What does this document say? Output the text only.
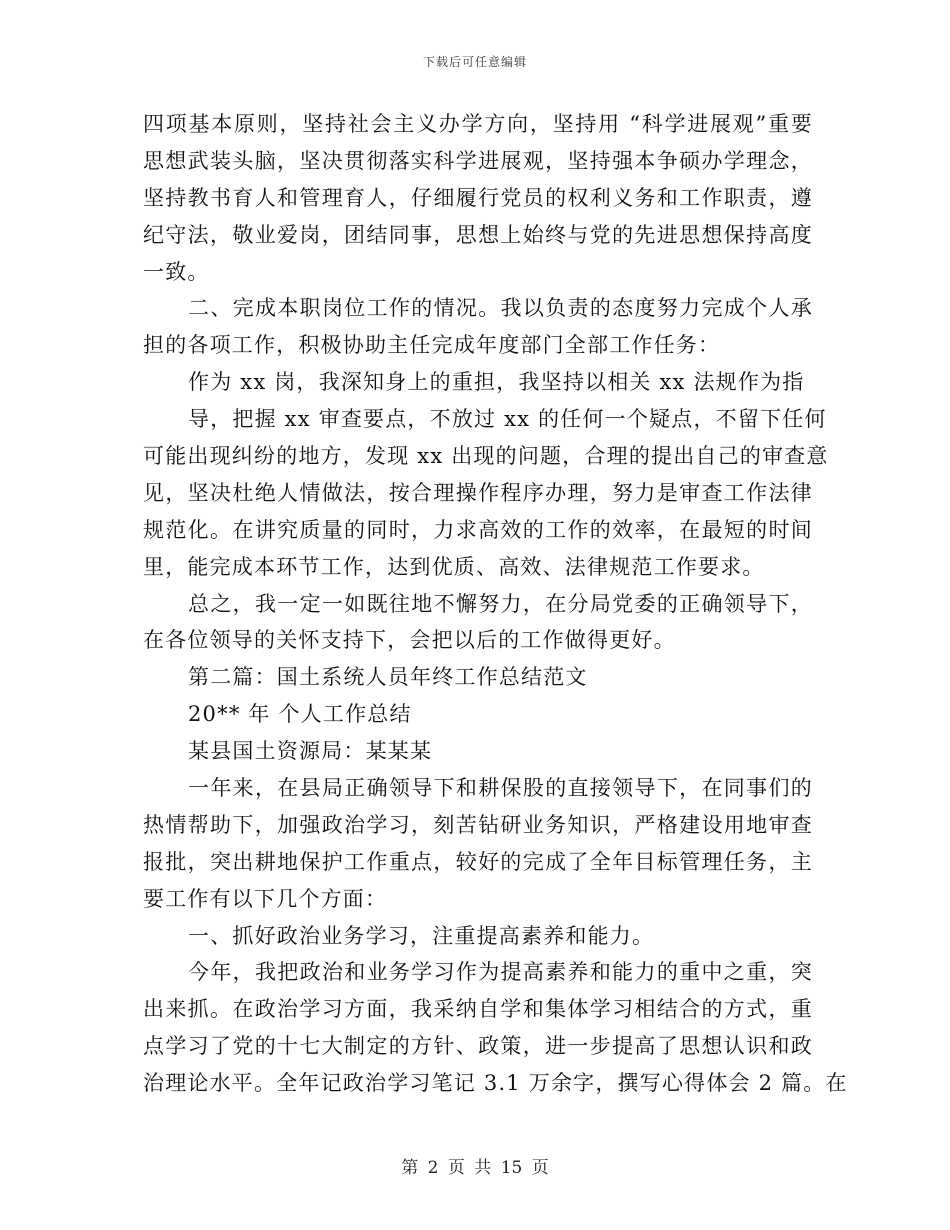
下载后可任意编辑
四项基本原则，坚持社会主义办学方向，坚持用 “科学进展观”重要
思想武装头脑，坚决贯彻落实科学进展观，坚持强本争硕办学理念，
坚持教书育人和管理育人，仔细履行党员的权利义务和工作职责，遵
纪守法，敬业爱岗，团结同事，思想上始终与党的先进思想保持高度
一致。
二、完成本职岗位工作的情况。我以负责的态度努力完成个人承
担的各项工作，积极协助主任完成年度部门全部工作任务：
作为 xx 岗，我深知身上的重担，我坚持以相关 xx 法规作为指
导，把握 xx 审查要点，不放过 xx 的任何一个疑点，不留下任何
可能出现纠纷的地方，发现 xx 出现的问题，合理的提出自己的审查意
见，坚决杜绝人情做法，按合理操作程序办理，努力是审查工作法律
规范化。在讲究质量的同时，力求高效的工作的效率，在最短的时间
里，能完成本环节工作，达到优质、高效、法律规范工作要求。
总之，我一定一如既往地不懈努力，在分局党委的正确领导下，
在各位领导的关怀支持下，会把以后的工作做得更好。
第二篇：国土系统人员年终工作总结范文
20** 年 个人工作总结
某县国土资源局：某某某
一年来，在县局正确领导下和耕保股的直接领导下，在同事们的
热情帮助下，加强政治学习，刻苦钻研业务知识，严格建设用地审查
报批，突出耕地保护工作重点，较好的完成了全年目标管理任务，主
要工作有以下几个方面：
一、抓好政治业务学习，注重提高素养和能力。
今年，我把政治和业务学习作为提高素养和能力的重中之重，突
出来抓。在政治学习方面，我采纳自学和集体学习相结合的方式，重
点学习了党的十七大制定的方针、政策，进一步提高了思想认识和政
治理论水平。全年记政治学习笔记 3.1 万余字，撰写心得体会 2 篇。在
第 2 页 共 15 页
